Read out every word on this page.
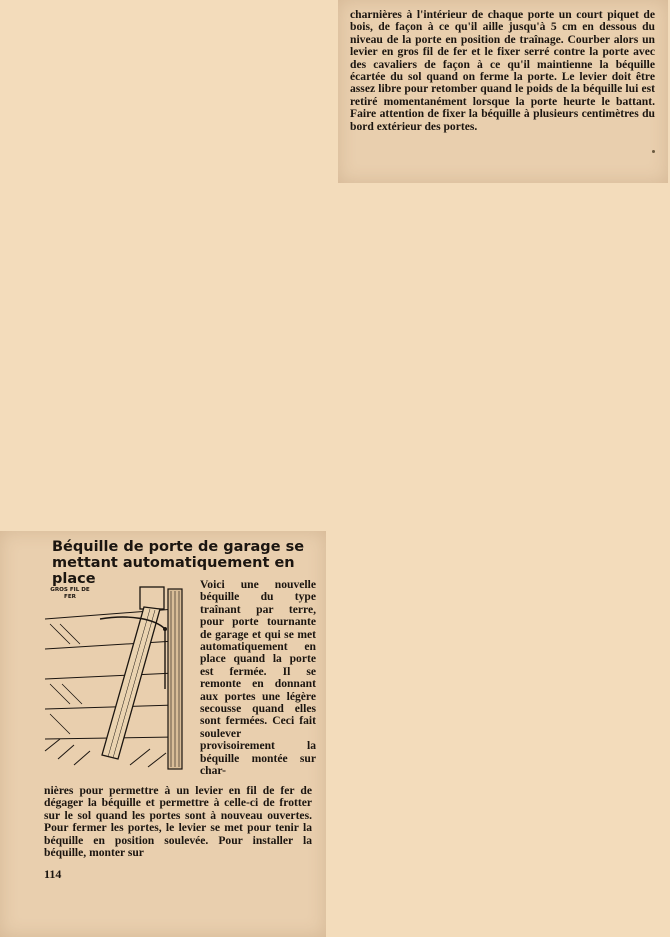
charnières à l'intérieur de chaque porte un court piquet de bois, de façon à ce qu'il aille jusqu'à 5 cm en dessous du niveau de la porte en position de traînage. Courber alors un levier en gros fil de fer et le fixer serré contre la porte avec des cavaliers de façon à ce qu'il maintienne la béquille écartée du sol quand on ferme la porte. Le levier doit être assez libre pour retomber quand le poids de la béquille lui est retiré momentanément lorsque la porte heurte le battant. Faire attention de fixer la béquille à plusieurs centimètres du bord extérieur des portes.

Béquille de porte de garage se mettant automatiquement en place
GROS FIL DE FER

Voici une nouvelle béquille du type traînant par terre, pour porte tournante de garage et qui se met automatiquement en place quand la porte est fermée. Il se remonte en donnant aux portes une légère secousse quand elles sont fermées. Ceci fait soulever provisoirement la béquille montée sur char-

nières pour permettre à un levier en fil de fer de dégager la béquille et permettre à celle-ci de frotter sur le sol quand les portes sont à nouveau ouvertes. Pour fermer les portes, le levier se met pour tenir la béquille en position soulevée. Pour installer la béquille, monter sur

114
